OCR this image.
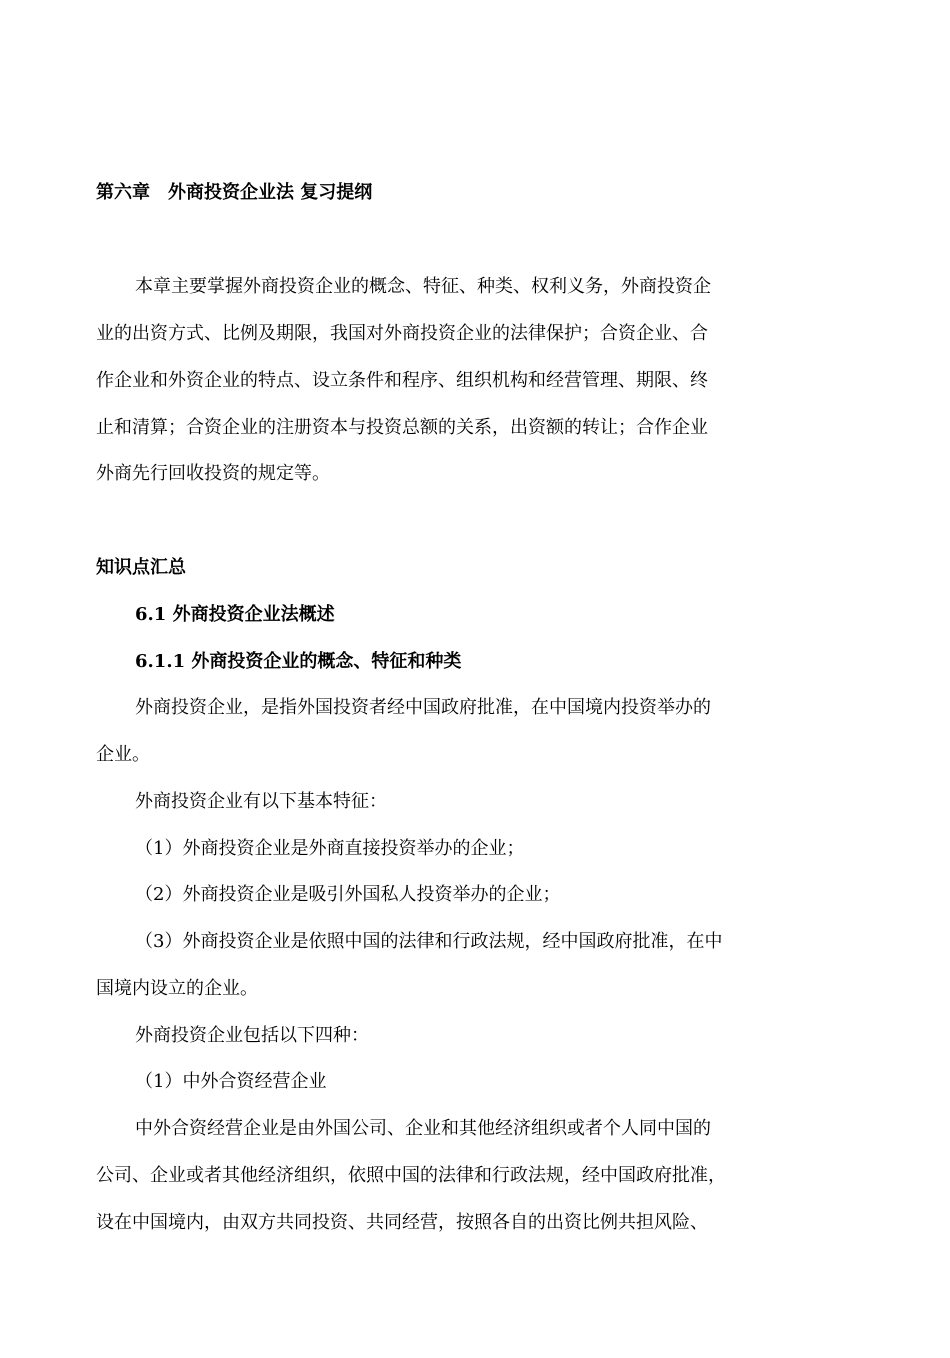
第六章　外商投资企业法 复习提纲
本章主要掌握外商投资企业的概念、特征、种类、权利义务，外商投资企
业的出资方式、比例及期限，我国对外商投资企业的法律保护；合资企业、合
作企业和外资企业的特点、设立条件和程序、组织机构和经营管理、期限、终
止和清算；合资企业的注册资本与投资总额的关系，出资额的转让；合作企业
外商先行回收投资的规定等。
知识点汇总
6.1 外商投资企业法概述
6.1.1 外商投资企业的概念、特征和种类
外商投资企业，是指外国投资者经中国政府批准，在中国境内投资举办的
企业。
外商投资企业有以下基本特征：
（1）外商投资企业是外商直接投资举办的企业；
（2）外商投资企业是吸引外国私人投资举办的企业；
（3）外商投资企业是依照中国的法律和行政法规，经中国政府批准，在中
国境内设立的企业。
外商投资企业包括以下四种：
（1）中外合资经营企业
中外合资经营企业是由外国公司、企业和其他经济组织或者个人同中国的
公司、企业或者其他经济组织，依照中国的法律和行政法规，经中国政府批准，
设在中国境内，由双方共同投资、共同经营，按照各自的出资比例共担风险、
